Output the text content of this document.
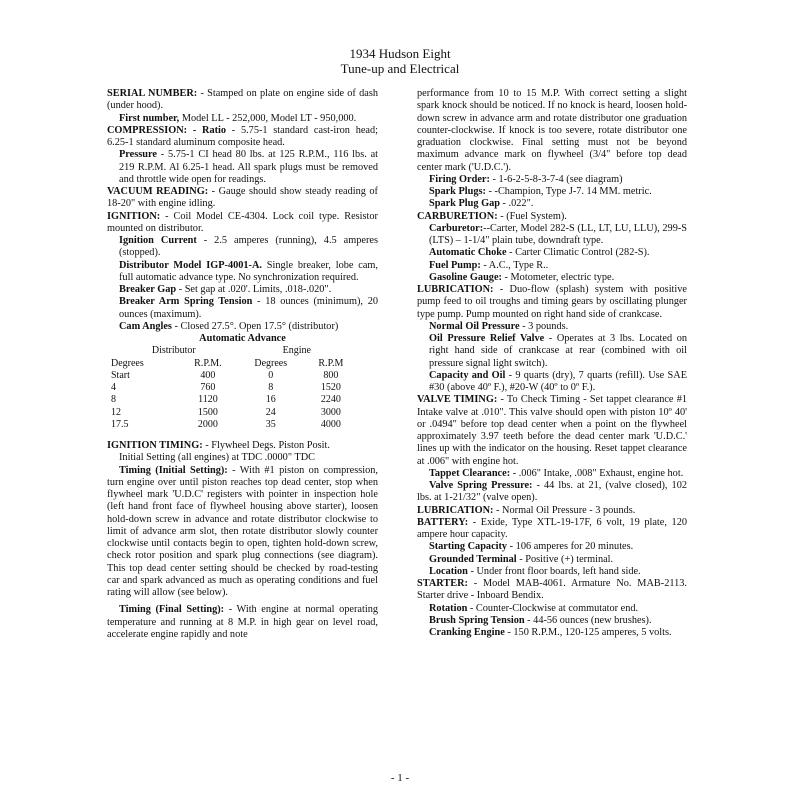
1934 Hudson Eight
Tune-up and Electrical

SERIAL NUMBER: - Stamped on plate on engine side of dash (under hood).

First number, Model LL - 252,000, Model LT - 950,000.

COMPRESSION: - Ratio - 5.75-1 standard cast-iron head; 6.25-1 standard aluminum composite head.

Pressure - 5.75-1 CI head 80 lbs. at 125 R.P.M., 116 lbs. at 219 R.P.M. Al 6.25-1 head. All spark plugs must be removed and throttle wide open for readings.

VACUUM READING: - Gauge should show steady reading of 18-20" with engine idling.

IGNITION: - Coil Model CE-4304. Lock coil type. Resistor mounted on distributor.

Ignition Current - 2.5 amperes (running), 4.5 amperes (stopped).

Distributor Model IGP-4001-A. Single breaker, lobe cam, full automatic advance type. No synchronization required.

Breaker Gap - Set gap at .020'. Limits, .018-.020".

Breaker Arm Spring Tension - 18 ounces (minimum), 20 ounces (maximum).

Cam Angles - Closed 27.5°. Open 17.5° (distributor)

Automatic Advance
Distributor		Engine	
Degrees	R.P.M.	Degrees	R.P.M
Start	400	0	800
4	760	8	1520
8	1120	16	2240
12	1500	24	3000
17.5	2000	35	4000

IGNITION TIMING: - Flywheel Degs. Piston Posit.

Initial Setting (all engines) at TDC .0000" TDC

Timing (Initial Setting): - With #1 piston on compression, turn engine over until piston reaches top dead center, stop when flywheel mark 'U.D.C' registers with pointer in inspection hole (left hand front face of flywheel housing above starter), loosen hold-down screw in advance and rotate distributor clockwise to limit of advance arm slot, then rotate distributor slowly counter clockwise until contacts begin to open, tighten hold-down screw, check rotor position and spark plug connections (see diagram). This top dead center setting should be checked by road-testing car and spark advanced as much as operating conditions and fuel rating will allow (see below).

Timing (Final Setting): - With engine at normal operating temperature and running at 8 M.P. in high gear on level road, accelerate engine rapidly and note

performance from 10 to 15 M.P. With correct setting a slight spark knock should be noticed. If no knock is heard, loosen hold-down screw in advance arm and rotate distributor one graduation counter-clockwise. If knock is too severe, rotate distributor one graduation clockwise. Final setting must not be beyond maximum advance mark on flywheel (3/4" before top dead center mark ('U.D.C.').

Firing Order: - 1-6-2-5-8-3-7-4 (see diagram)

Spark Plugs: - -Champion, Type J-7. 14 MM. metric.

Spark Plug Gap - .022".

CARBURETION: - (Fuel System).

Carburetor:--Carter, Model 282-S (LL, LT, LU, LLU), 299-S (LTS) – 1-1/4" plain tube, downdraft type.

Automatic Choke - Carter Climatic Control (282-S).

Fuel Pump: - A.C., Type R..

Gasoline Gauge: - Motometer, electric type.

LUBRICATION: - Duo-flow (splash) system with positive pump feed to oil troughs and timing gears by oscillating plunger type pump. Pump mounted on right hand side of crankcase.

Normal Oil Pressure - 3 pounds.

Oil Pressure Relief Valve - Operates at 3 lbs. Located on right hand side of crankcase at rear (combined with oil pressure signal light switch).

Capacity and Oil - 9 quarts (dry), 7 quarts (refill). Use SAE #30 (above 40º F.), #20-W (40º to 0º F.).

VALVE TIMING: - To Check Timing - Set tappet clearance #1 Intake valve at .010". This valve should open with piston 10º 40' or .0494" before top dead center when a point on the flywheel approximately 3.97 teeth before the dead center mark 'U.D.C.' lines up with the indicator on the housing. Reset tappet clearance at .006" with engine hot.

Tappet Clearance: - .006" Intake, .008" Exhaust, engine hot.

Valve Spring Pressure: - 44 lbs. at 21, (valve closed), 102 lbs. at 1-21/32" (valve open).

LUBRICATION: - Normal Oil Pressure - 3 pounds.

BATTERY: - Exide, Type XTL-19-17F, 6 volt, 19 plate, 120 ampere hour capacity.

Starting Capacity - 106 amperes for 20 minutes.

Grounded Terminal - Positive (+) terminal.

Location - Under front floor boards, left hand side.

STARTER: - Model MAB-4061. Armature No. MAB-2113. Starter drive - Inboard Bendix.

Rotation - Counter-Clockwise at commutator end.

Brush Spring Tension - 44-56 ounces (new brushes).

Cranking Engine - 150 R.P.M., 120-125 amperes, 5 volts.

- 1 -
